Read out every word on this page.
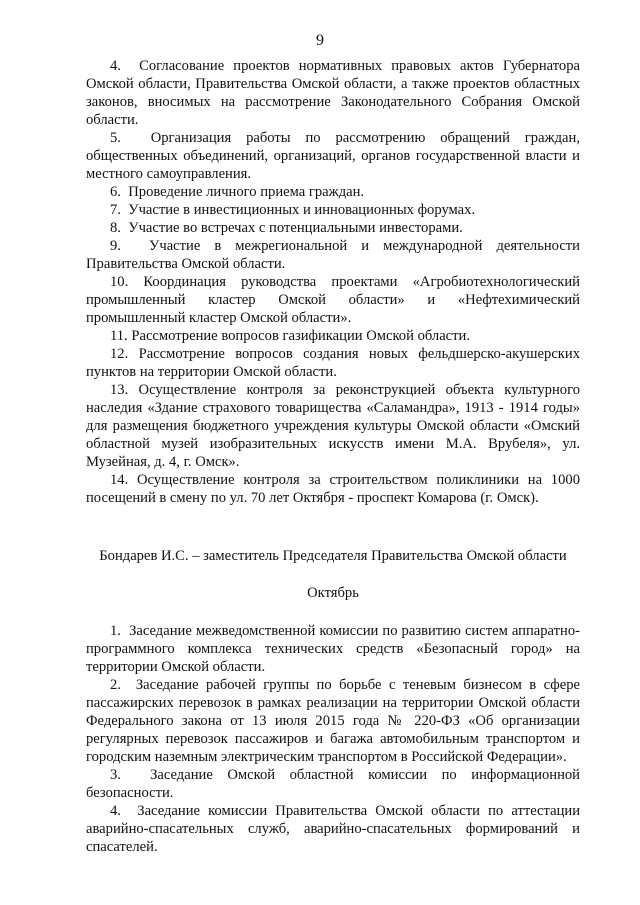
9

4.  Согласование проектов нормативных правовых актов Губернатора Омской области, Правительства Омской области, а также проектов областных законов, вносимых на рассмотрение Законодательного Собрания Омской области.

5.  Организация работы по рассмотрению обращений граждан, общественных объединений, организаций, органов государственной власти и местного самоуправления.

6.  Проведение личного приема граждан.

7.  Участие в инвестиционных и инновационных форумах.

8.  Участие во встречах с потенциальными инвесторами.

9.  Участие в межрегиональной и международной деятельности Правительства Омской области.

10. Координация руководства проектами «Агробиотехнологический промышленный кластер Омской области» и «Нефтехимический промышленный кластер Омской области».

11. Рассмотрение вопросов газификации Омской области.

12. Рассмотрение вопросов создания новых фельдшерско-акушерских пунктов на территории Омской области.

13. Осуществление контроля за реконструкцией объекта культурного наследия «Здание страхового товарищества «Саламандра», 1913 - 1914 годы» для размещения бюджетного учреждения культуры Омской области «Омский областной музей изобразительных искусств имени М.А. Врубеля», ул. Музейная, д. 4, г. Омск».

14. Осуществление контроля за строительством поликлиники на 1000 посещений в смену по ул. 70 лет Октября - проспект Комарова (г. Омск).

Бондарев И.С. – заместитель Председателя Правительства Омской области
Октябрь

1.  Заседание межведомственной комиссии по развитию систем аппаратно-программного комплекса технических средств «Безопасный город» на территории Омской области.

2.  Заседание рабочей группы по борьбе с теневым бизнесом в сфере пассажирских перевозок в рамках реализации на территории Омской области Федерального закона от 13 июля 2015 года № 220-ФЗ «Об организации регулярных перевозок пассажиров и багажа автомобильным транспортом и городским наземным электрическим транспортом в Российской Федерации».

3.  Заседание Омской областной комиссии по информационной безопасности.

4.  Заседание комиссии Правительства Омской области по аттестации аварийно-спасательных служб, аварийно-спасательных формирований и спасателей.
